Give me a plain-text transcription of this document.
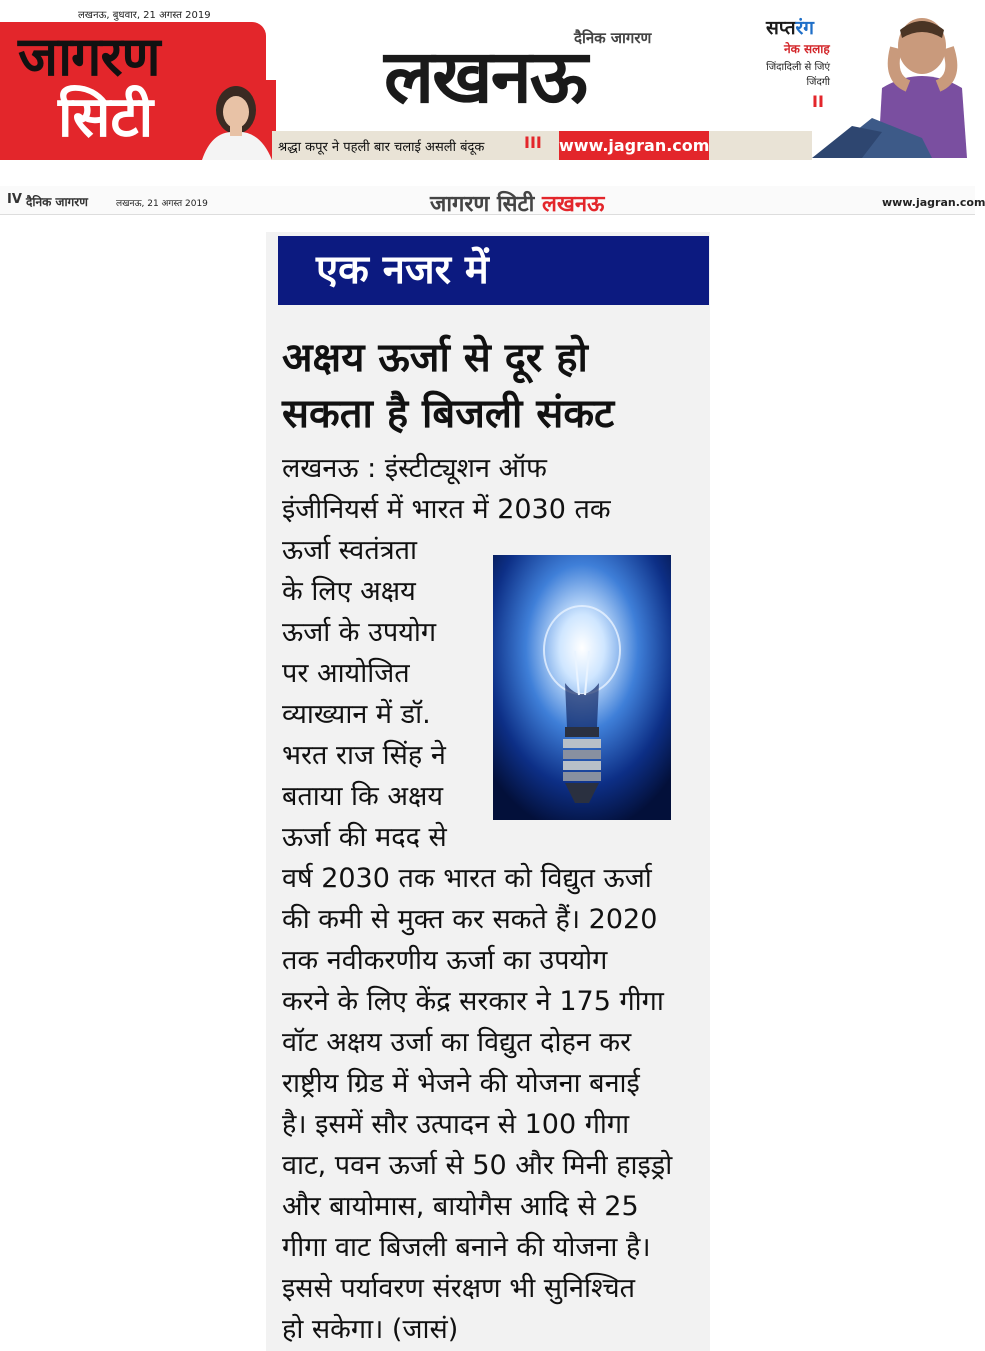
लखनऊ, बुधवार, 21 अगस्त 2019
जागरण
सिटी
दैनिक जागरण
लखनऊ
श्रद्धा कपूर ने पहली बार चलाई असली बंदूक III www.jagran.com
सप्तरंग
नेक सलाह
जिंदादिली से जिएं जिंदगी
II
IV दैनिक जागरण	लखनऊ, 21 अगस्त 2019	जागरण सिटी लखनऊ	www.jagran.com
एक नजर में
अक्षय ऊर्जा से दूर हो
सकता है बिजली संकट
लखनऊ : इंस्टीट्यूशन ऑफ
इंजीनियर्स में भारत में 2030 तक
ऊर्जा स्वतंत्रता
के लिए अक्षय
ऊर्जा के उपयोग
पर आयोजित
व्याख्यान में डॉ.
भरत राज सिंह ने
बताया कि अक्षय
ऊर्जा की मदद से
वर्ष 2030 तक भारत को विद्युत ऊर्जा
की कमी से मुक्त कर सकते हैं। 2020
तक नवीकरणीय ऊर्जा का उपयोग
करने के लिए केंद्र सरकार ने 175 गीगा
वॉट अक्षय उर्जा का विद्युत दोहन कर
राष्ट्रीय ग्रिड में भेजने की योजना बनाई
है। इसमें सौर उत्पादन से 100 गीगा
वाट, पवन ऊर्जा से 50 और मिनी हाइड्रो
और बायोमास, बायोगैस आदि से 25
गीगा वाट बिजली बनाने की योजना है।
इससे पर्यावरण संरक्षण भी सुनिश्चित
हो सकेगा। (जासं)
